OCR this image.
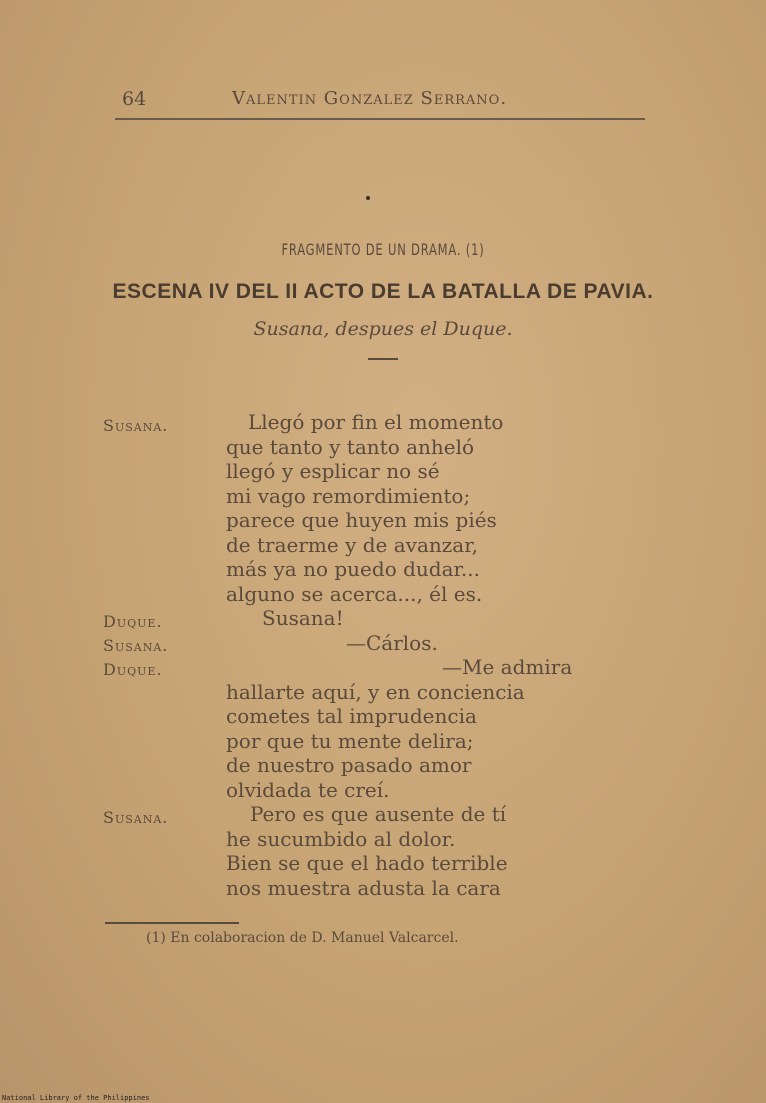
64	Valentin Gonzalez Serrano.
FRAGMENTO DE UN DRAMA. (1)
ESCENA IV DEL II ACTO DE LA BATALLA DE PAVIA.
Susana, despues el Duque.
Susana.
Duque.
Susana.
Duque.
Susana.
Llegó por fin el momento
que tanto y tanto anheló
llegó y esplicar no sé
mi vago remordimiento;
parece que huyen mis piés
de traerme y de avanzar,
más ya no puedo dudar...
alguno se acerca..., él es.
Susana!
—Cárlos.
—Me admira
hallarte aquí, y en conciencia
cometes tal imprudencia
por que tu mente delira;
de nuestro pasado amor
olvidada te creí.
Pero es que ausente de tí
he sucumbido al dolor.
Bien se que el hado terrible
nos muestra adusta la cara
(1) En colaboracion de D. Manuel Valcarcel.
National Library of the Philippines
